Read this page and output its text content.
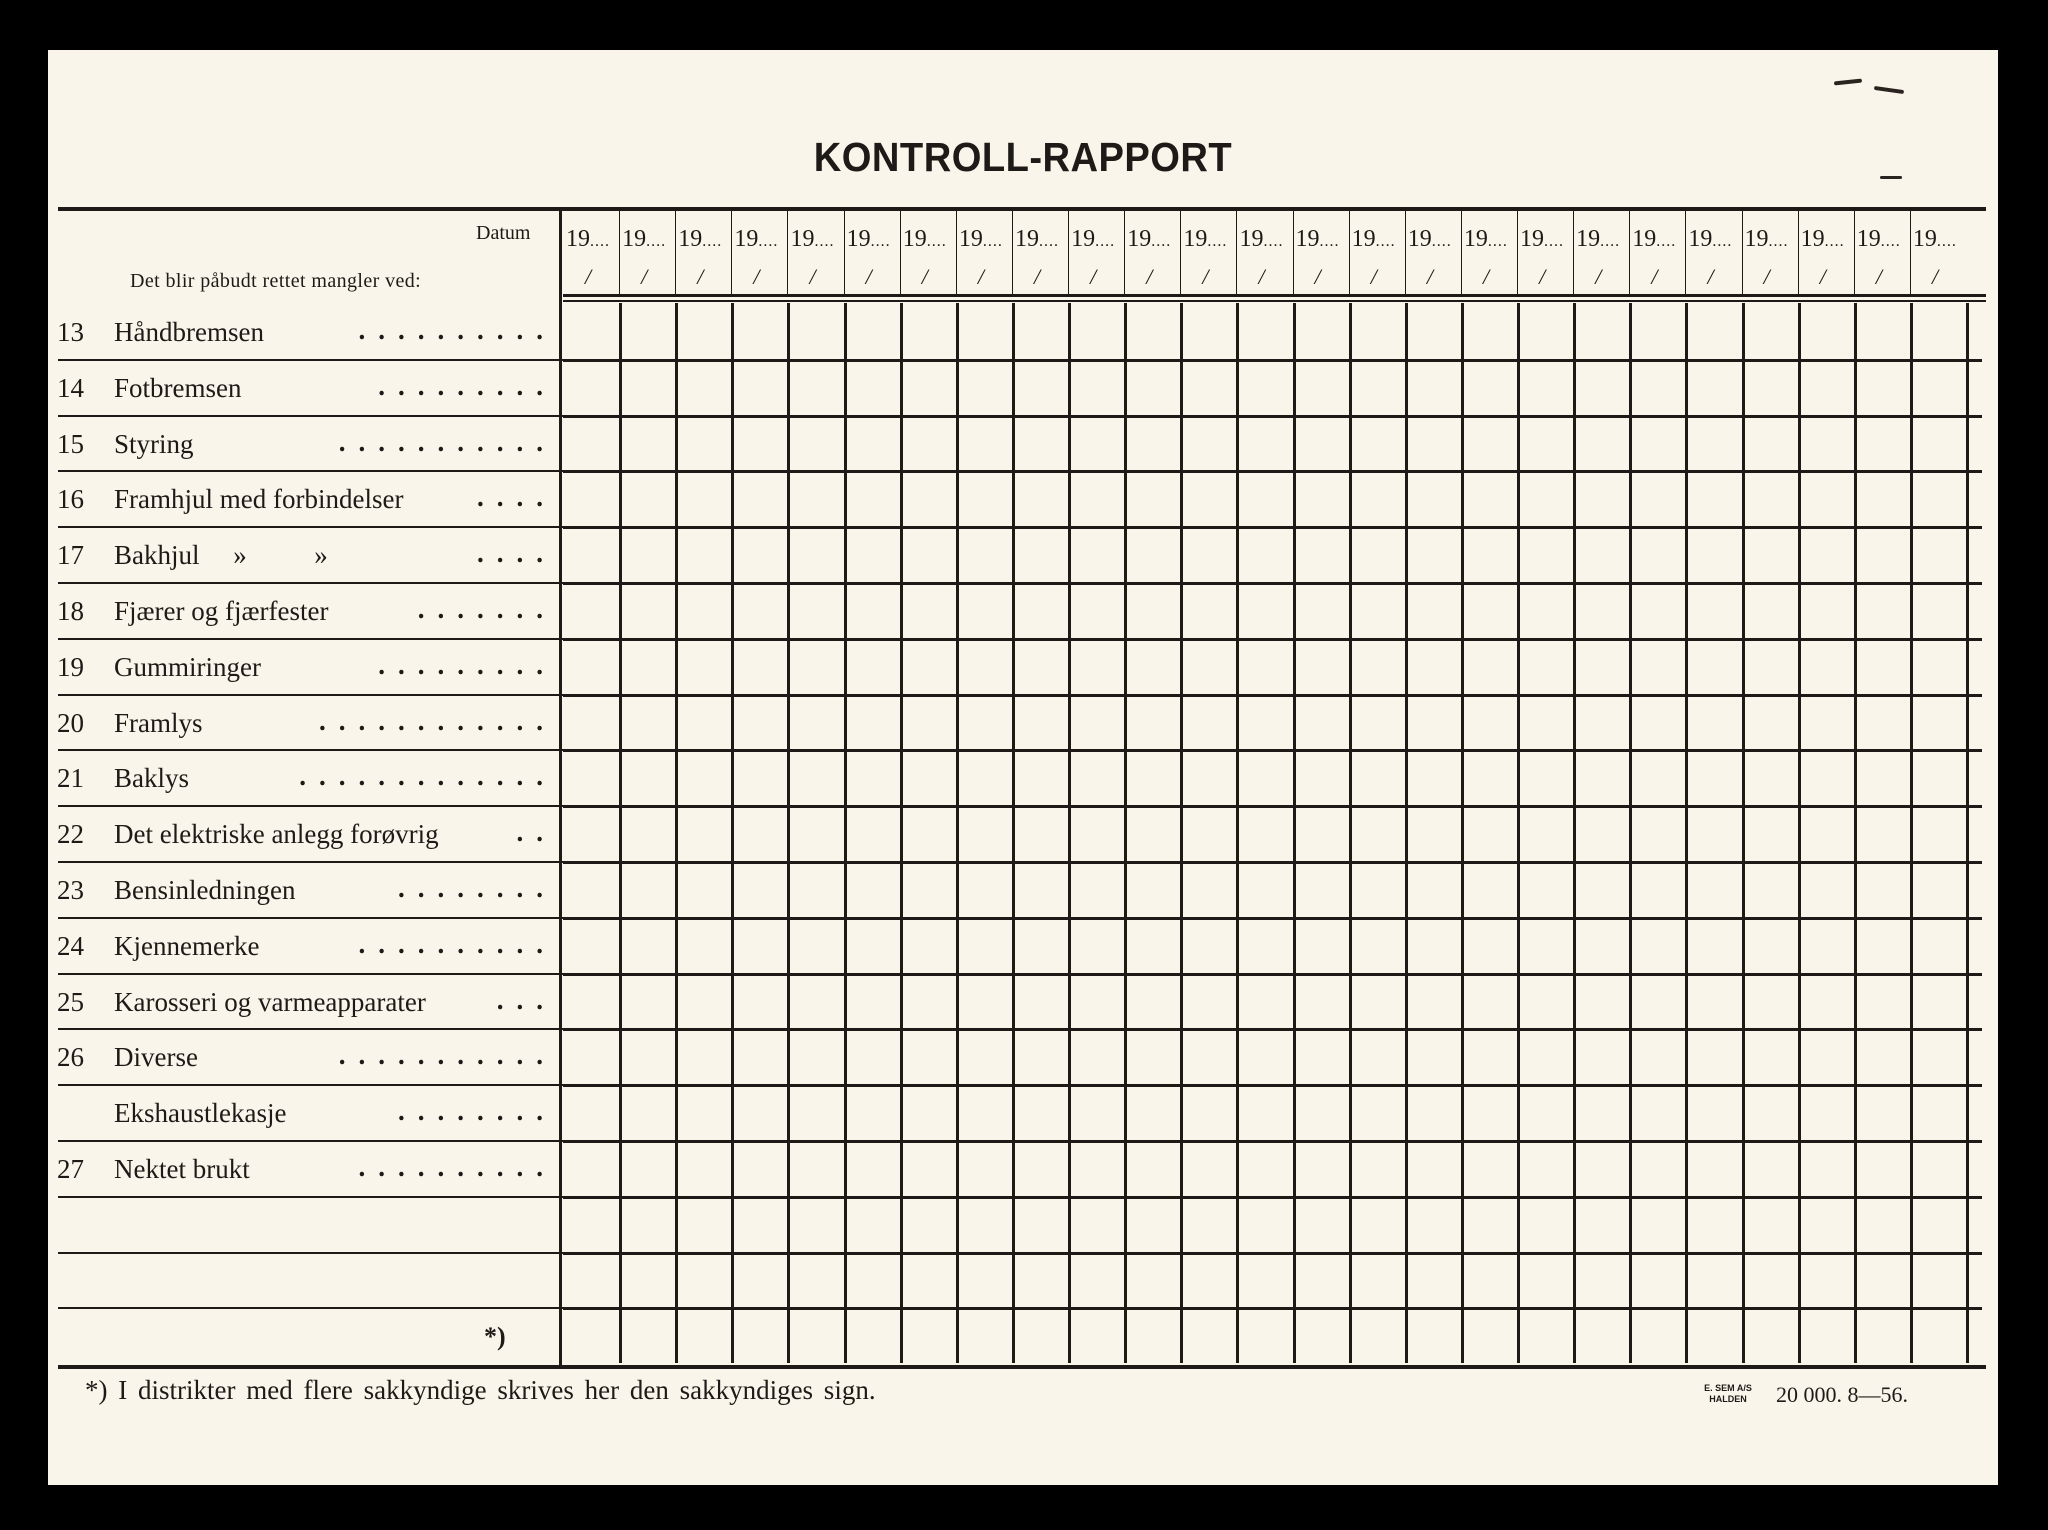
KONTROLL-RAPPORT
Datum
Det blir påbudt rettet mangler ved:
19....
/
19....
/
19....
/
19....
/
19....
/
19....
/
19....
/
19....
/
19....
/
19....
/
19....
/
19....
/
19....
/
19....
/
19....
/
19....
/
19....
/
19....
/
19....
/
19....
/
19....
/
19....
/
19....
/
19....
/
19....
/
13 Håndbremsen	..........
14 Fotbremsen	.........
15 Styring	...........
16 Framhjul med forbindelser	....
17 Bakhjul     »          »	....
18 Fjærer og fjærfester	.......
19 Gummiringer	.........
20 Framlys	............
21 Baklys	.............
22 Det elektriske anlegg forøvrig	..
23 Bensinledningen	........
24 Kjennemerke	..........
25 Karosseri og varmeapparater	...
26 Diverse	...........
Ekshaustlekasje	........
27 Nektet brukt	..........
*)
*) I distrikter med flere sakkyndige skrives her den sakkyndiges sign.	E. SEM A/S
HALDEN 20 000. 8—56.
